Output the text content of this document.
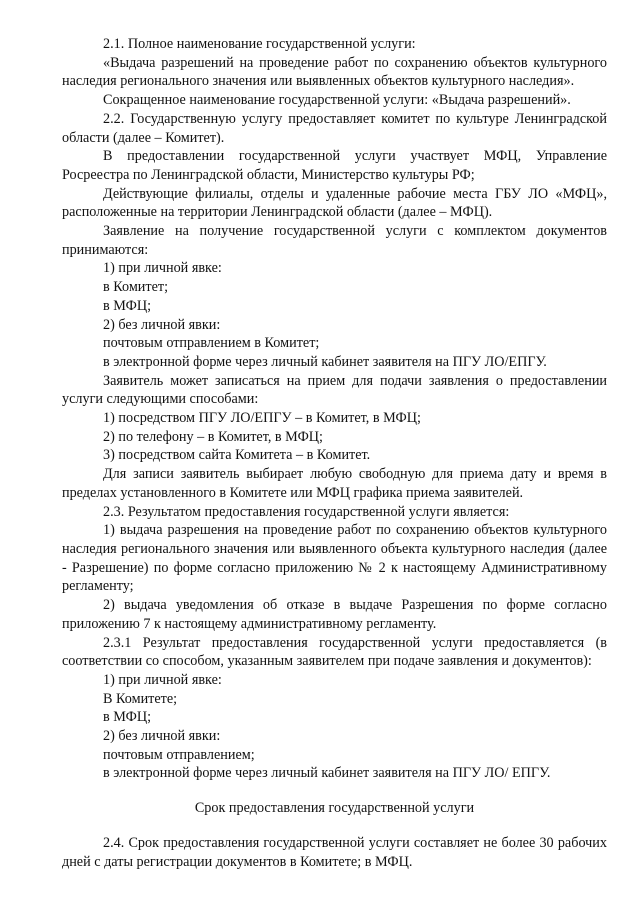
2.1. Полное наименование государственной услуги:

«Выдача разрешений на проведение работ по сохранению объектов культурного наследия регионального значения или выявленных объектов культурного наследия».

Сокращенное наименование государственной услуги: «Выдача разрешений».

2.2. Государственную услугу предоставляет комитет по культуре Ленинградской области (далее – Комитет).

В предоставлении государственной услуги участвует МФЦ, Управление Росреестра по Ленинградской области, Министерство культуры РФ;

Действующие филиалы, отделы и удаленные рабочие места ГБУ ЛО «МФЦ», расположенные на территории Ленинградской области (далее – МФЦ).

Заявление на получение государственной услуги с комплектом документов принимаются:

1) при личной явке:

в Комитет;

в МФЦ;

2) без личной явки:

почтовым отправлением в Комитет;

в электронной форме через личный кабинет заявителя на ПГУ ЛО/ЕПГУ.

Заявитель может записаться на прием для подачи заявления о предоставлении услуги следующими способами:

1) посредством ПГУ ЛО/ЕПГУ – в Комитет, в МФЦ;

2) по телефону – в Комитет, в МФЦ;

3) посредством сайта Комитета – в Комитет.

Для записи заявитель выбирает любую свободную для приема дату и время в пределах установленного в Комитете или МФЦ графика приема заявителей.

2.3. Результатом предоставления государственной услуги является:

1) выдача разрешения на проведение работ по сохранению объектов культурного наследия регионального значения или выявленного объекта культурного наследия (далее - Разрешение) по форме согласно приложению № 2 к настоящему Административному регламенту;

2) выдача уведомления об отказе в выдаче Разрешения по форме согласно приложению 7 к настоящему административному регламенту.

2.3.1 Результат предоставления государственной услуги предоставляется (в соответствии со способом, указанным заявителем при подаче заявления и документов):

1) при личной явке:

В Комитете;

в МФЦ;

2) без личной явки:

почтовым отправлением;

в электронной форме через личный кабинет заявителя на ПГУ ЛО/ ЕПГУ.

Срок предоставления государственной услуги

2.4. Срок предоставления государственной услуги составляет не более 30 рабочих дней с даты регистрации документов в Комитете; в МФЦ.
